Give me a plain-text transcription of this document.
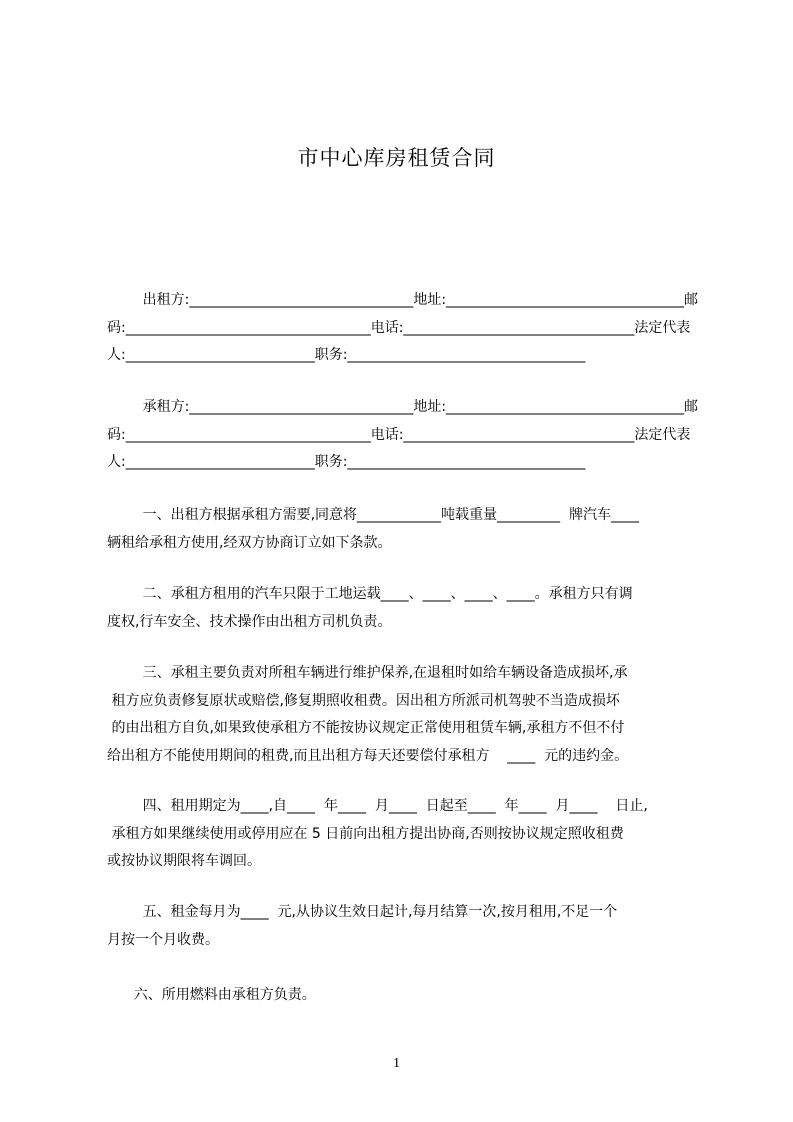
市中心库房租赁合同
出租方:________________________________地址:__________________________________邮
码:___________________________________电话:_________________________________法定代表
人:___________________________职务:__________________________________
承租方:________________________________地址:__________________________________邮
码:___________________________________电话:_________________________________法定代表
人:___________________________职务:__________________________________
一、出租方根据承租方需要,同意将____________吨载重量_________  牌汽车____
辆租给承租方使用,经双方协商订立如下条款。
二、承租方租用的汽车只限于工地运载____、____、____、____。承租方只有调
度权,行车安全、技术操作由出租方司机负责。
三、承租主要负责对所租车辆进行维护保养,在退租时如给车辆设备造成损坏,承
租方应负责修复原状或赔偿,修复期照收租费。因出租方所派司机驾驶不当造成损坏
的由出租方自负,如果致使承租方不能按协议规定正常使用租赁车辆,承租方不但不付
给出租方不能使用期间的租费,而且出租方每天还要偿付承租方    ____  元的违约金。
四、租用期定为____,自____  年____  月____  日起至____  年____  月____    日止,
承租方如果继续使用或停用应在 5 日前向出租方提出协商,否则按协议规定照收租费
或按协议期限将车调回。
五、租金每月为____  元,从协议生效日起计,每月结算一次,按月租用,不足一个
月按一个月收费。
六、所用燃料由承租方负责。
1
